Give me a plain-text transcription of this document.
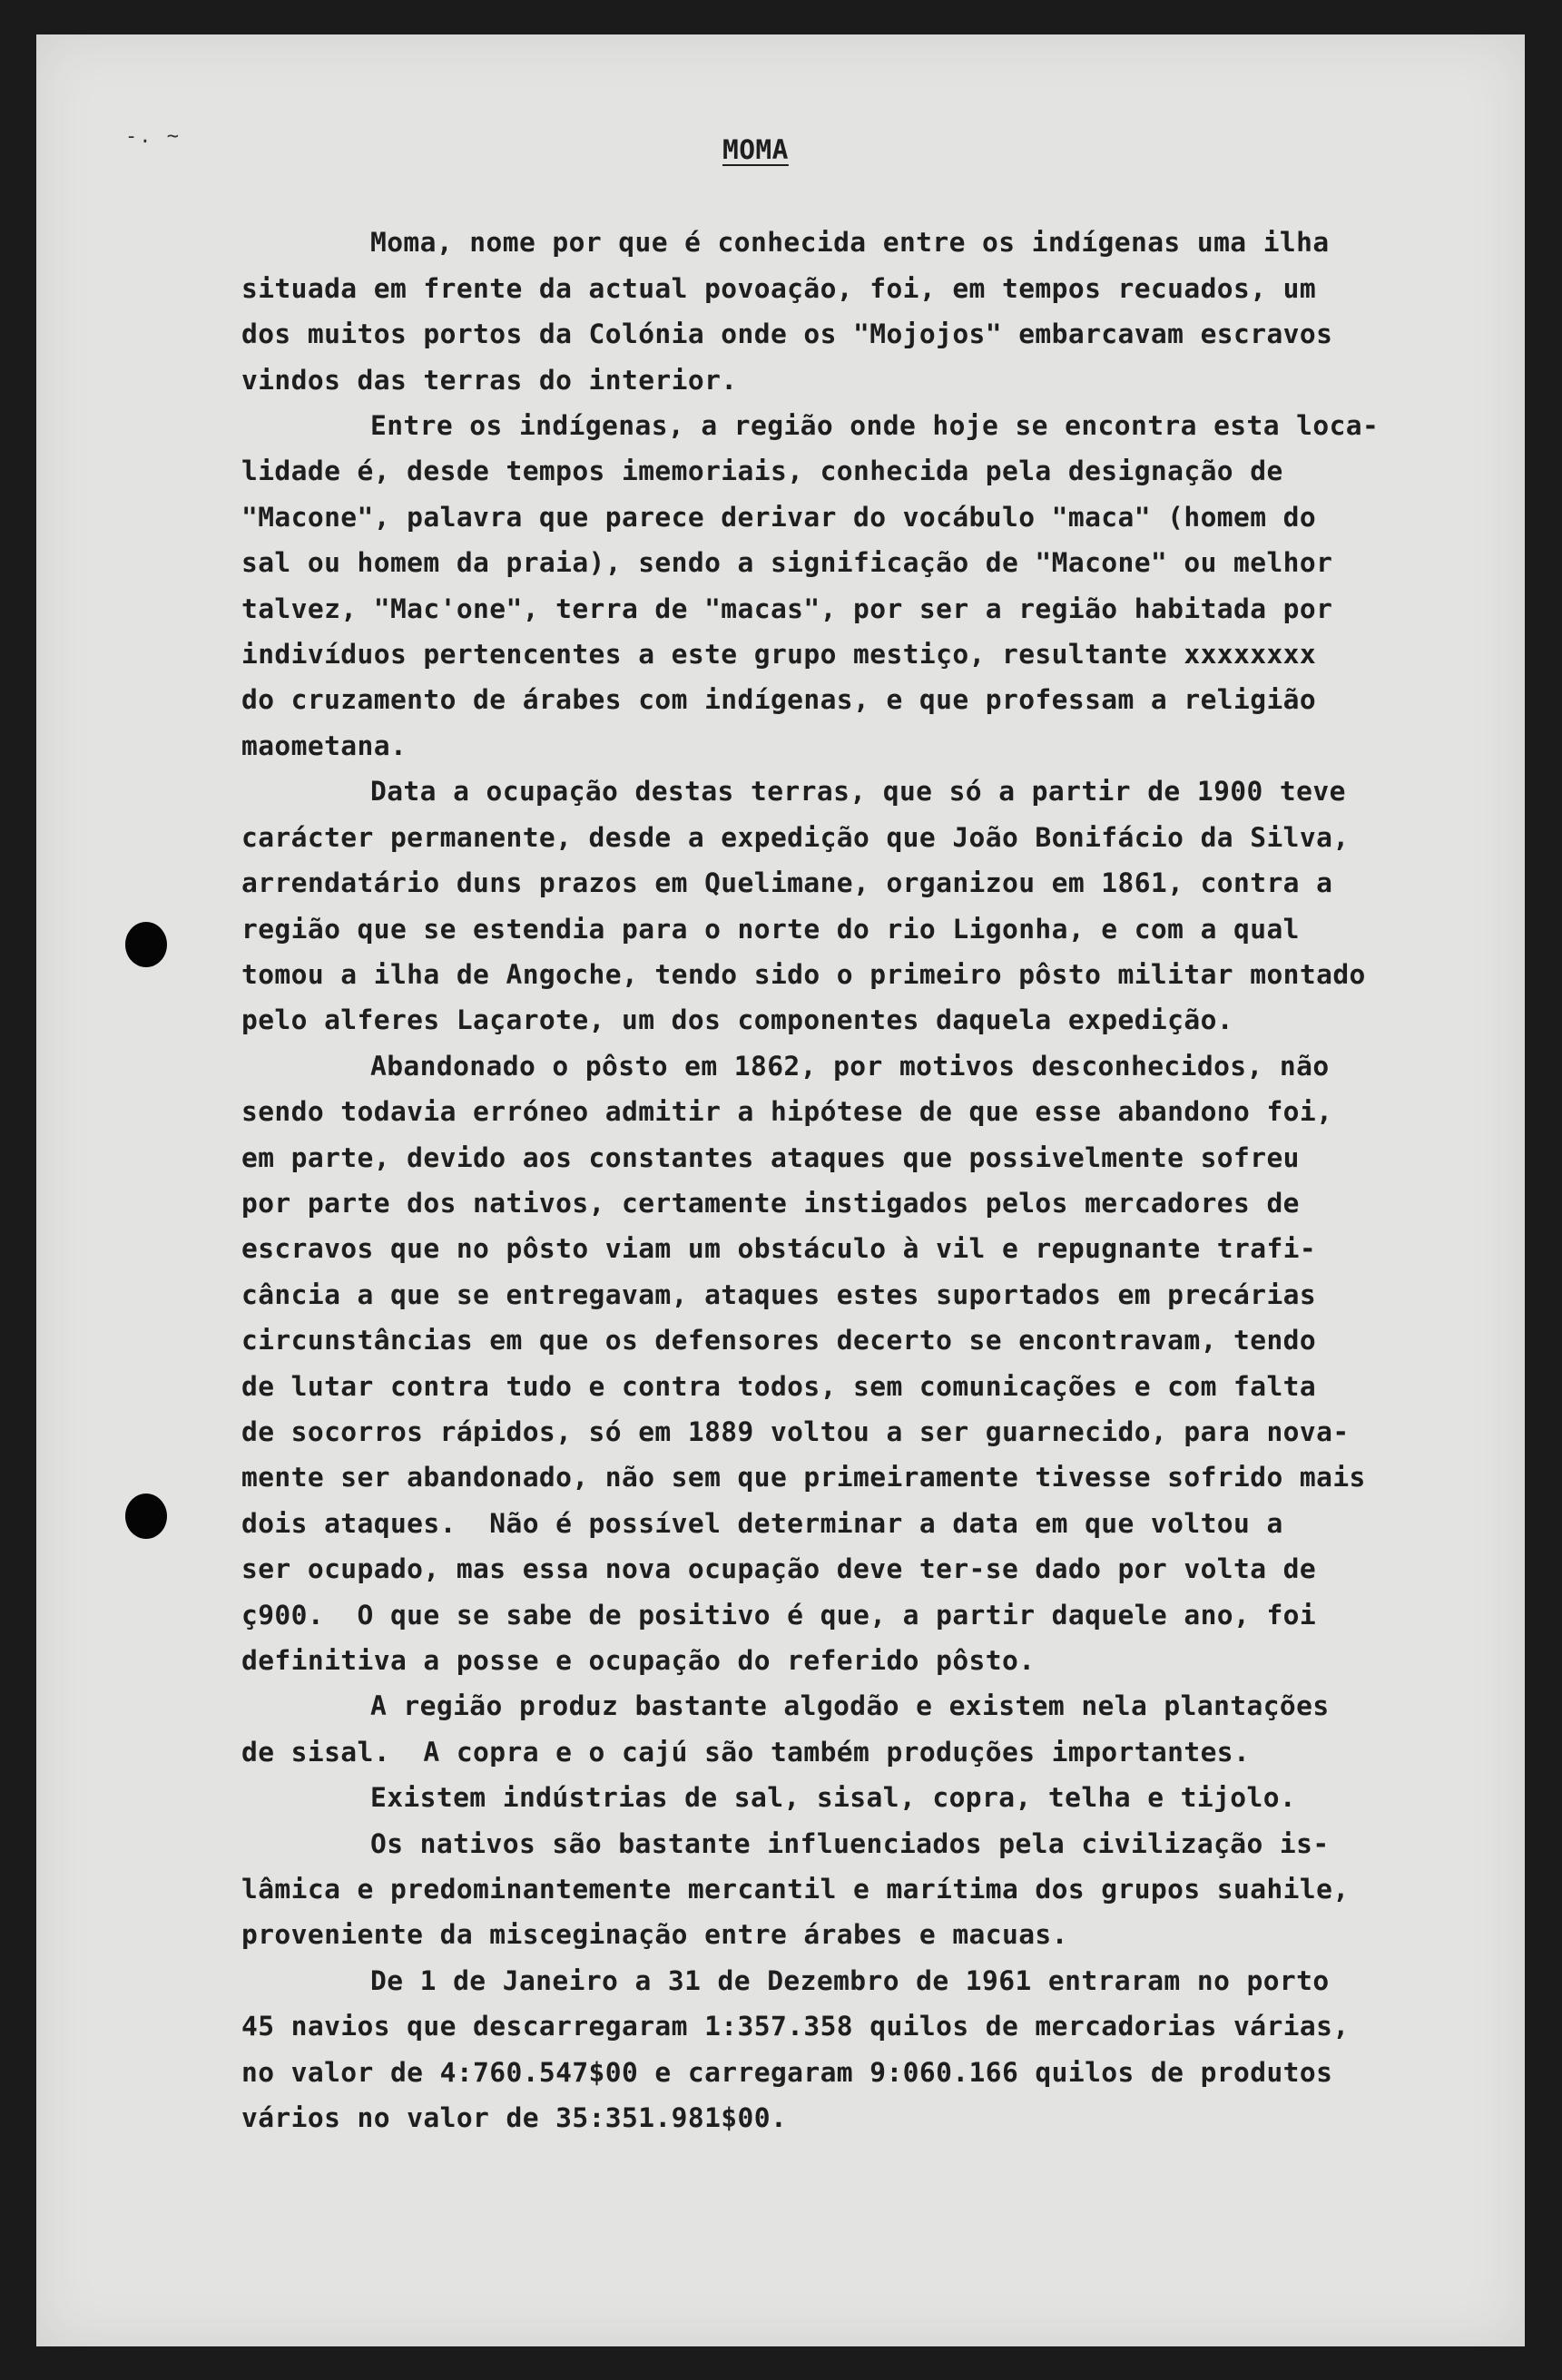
-. ~	MOMA
Moma, nome por que é conhecida entre os indígenas uma ilha
situada em frente da actual povoação, foi, em tempos recuados, um
dos muitos portos da Colónia onde os "Mojojos" embarcavam escravos
vindos das terras do interior.
Entre os indígenas, a região onde hoje se encontra esta loca-
lidade é, desde tempos imemoriais, conhecida pela designação de
"Macone", palavra que parece derivar do vocábulo "maca" (homem do
sal ou homem da praia), sendo a significação de "Macone" ou melhor
talvez, "Mac'one", terra de "macas", por ser a região habitada por
indivíduos pertencentes a este grupo mestiço, resultante xxxxxxxx
do cruzamento de árabes com indígenas, e que professam a religião
maometana.
Data a ocupação destas terras, que só a partir de 1900 teve
carácter permanente, desde a expedição que João Bonifácio da Silva,
arrendatário duns prazos em Quelimane, organizou em 1861, contra a
região que se estendia para o norte do rio Ligonha, e com a qual
tomou a ilha de Angoche, tendo sido o primeiro pôsto militar montado
pelo alferes Laçarote, um dos componentes daquela expedição.
Abandonado o pôsto em 1862, por motivos desconhecidos, não
sendo todavia erróneo admitir a hipótese de que esse abandono foi,
em parte, devido aos constantes ataques que possivelmente sofreu
por parte dos nativos, certamente instigados pelos mercadores de
escravos que no pôsto viam um obstáculo à vil e repugnante trafi-
cância a que se entregavam, ataques estes suportados em precárias
circunstâncias em que os defensores decerto se encontravam, tendo
de lutar contra tudo e contra todos, sem comunicações e com falta
de socorros rápidos, só em 1889 voltou a ser guarnecido, para nova-
mente ser abandonado, não sem que primeiramente tivesse sofrido mais
dois ataques.  Não é possível determinar a data em que voltou a
ser ocupado, mas essa nova ocupação deve ter-se dado por volta de
ç900.  O que se sabe de positivo é que, a partir daquele ano, foi
definitiva a posse e ocupação do referido pôsto.
A região produz bastante algodão e existem nela plantações
de sisal.  A copra e o cajú são também produções importantes.
Existem indústrias de sal, sisal, copra, telha e tijolo.
Os nativos são bastante influenciados pela civilização is-
lâmica e predominantemente mercantil e marítima dos grupos suahile,
proveniente da misceginação entre árabes e macuas.
De 1 de Janeiro a 31 de Dezembro de 1961 entraram no porto
45 navios que descarregaram 1:357.358 quilos de mercadorias várias,
no valor de 4:760.547$00 e carregaram 9:060.166 quilos de produtos
vários no valor de 35:351.981$00.
